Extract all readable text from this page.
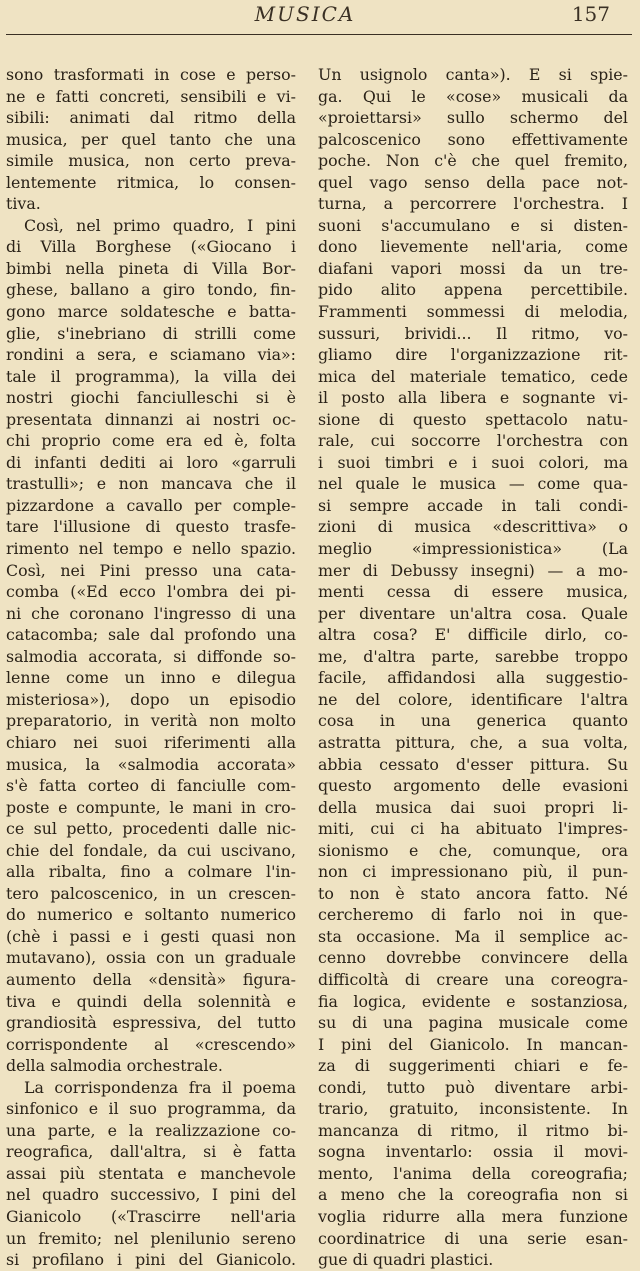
MUSICA	157
sono trasformati in cose e perso-
ne e fatti concreti, sensibili e vi-
sibili: animati dal ritmo della
musica, per quel tanto che una
simile musica, non certo preva-
lentemente ritmica, lo consen-
tiva.
Così, nel primo quadro, I pini
di Villa Borghese («Giocano i
bimbi nella pineta di Villa Bor-
ghese, ballano a giro tondo, fin-
gono marce soldatesche e batta-
glie, s'inebriano di strilli come
rondini a sera, e sciamano via»:
tale il programma), la villa dei
nostri giochi fanciulleschi si è
presentata dinnanzi ai nostri oc-
chi proprio come era ed è, folta
di infanti dediti ai loro «garruli
trastulli»; e non mancava che il
pizzardone a cavallo per comple-
tare l'illusione di questo trasfe-
rimento nel tempo e nello spazio.
Così, nei Pini presso una cata-
comba («Ed ecco l'ombra dei pi-
ni che coronano l'ingresso di una
catacomba; sale dal profondo una
salmodia accorata, si diffonde so-
lenne come un inno e dilegua
misteriosa»), dopo un episodio
preparatorio, in verità non molto
chiaro nei suoi riferimenti alla
musica, la «salmodia accorata»
s'è fatta corteo di fanciulle com-
poste e compunte, le mani in cro-
ce sul petto, procedenti dalle nic-
chie del fondale, da cui uscivano,
alla ribalta, fino a colmare l'in-
tero palcoscenico, in un crescen-
do numerico e soltanto numerico
(chè i passi e i gesti quasi non
mutavano), ossia con un graduale
aumento della «densità» figura-
tiva e quindi della solennità e
grandiosità espressiva, del tutto
corrispondente al «crescendo»
della salmodia orchestrale.
La corrispondenza fra il poema
sinfonico e il suo programma, da
una parte, e la realizzazione co-
reografica, dall'altra, si è fatta
assai più stentata e manchevole
nel quadro successivo, I pini del
Gianicolo («Trascirre nell'aria
un fremito; nel plenilunio sereno
si profilano i pini del Gianicolo.
Un usignolo canta»). E si spie-
ga. Qui le «cose» musicali da
«proiettarsi» sullo schermo del
palcoscenico sono effettivamente
poche. Non c'è che quel fremito,
quel vago senso della pace not-
turna, a percorrere l'orchestra. I
suoni s'accumulano e si disten-
dono lievemente nell'aria, come
diafani vapori mossi da un tre-
pido alito appena percettibile.
Frammenti sommessi di melodia,
sussuri, brividi... Il ritmo, vo-
gliamo dire l'organizzazione rit-
mica del materiale tematico, cede
il posto alla libera e sognante vi-
sione di questo spettacolo natu-
rale, cui soccorre l'orchestra con
i suoi timbri e i suoi colori, ma
nel quale le musica — come qua-
si sempre accade in tali condi-
zioni di musica «descrittiva» o
meglio «impressionistica» (La
mer di Debussy insegni) — a mo-
menti cessa di essere musica,
per diventare un'altra cosa. Quale
altra cosa? E' difficile dirlo, co-
me, d'altra parte, sarebbe troppo
facile, affidandosi alla suggestio-
ne del colore, identificare l'altra
cosa in una generica quanto
astratta pittura, che, a sua volta,
abbia cessato d'esser pittura. Su
questo argomento delle evasioni
della musica dai suoi propri li-
miti, cui ci ha abituato l'impres-
sionismo e che, comunque, ora
non ci impressionano più, il pun-
to non è stato ancora fatto. Né
cercheremo di farlo noi in que-
sta occasione. Ma il semplice ac-
cenno dovrebbe convincere della
difficoltà di creare una coreogra-
fia logica, evidente e sostanziosa,
su di una pagina musicale come
I pini del Gianicolo. In mancan-
za di suggerimenti chiari e fe-
condi, tutto può diventare arbi-
trario, gratuito, inconsistente. In
mancanza di ritmo, il ritmo bi-
sogna inventarlo: ossia il movi-
mento, l'anima della coreografia;
a meno che la coreografia non si
voglia ridurre alla mera funzione
coordinatrice di una serie esan-
gue di quadri plastici.
